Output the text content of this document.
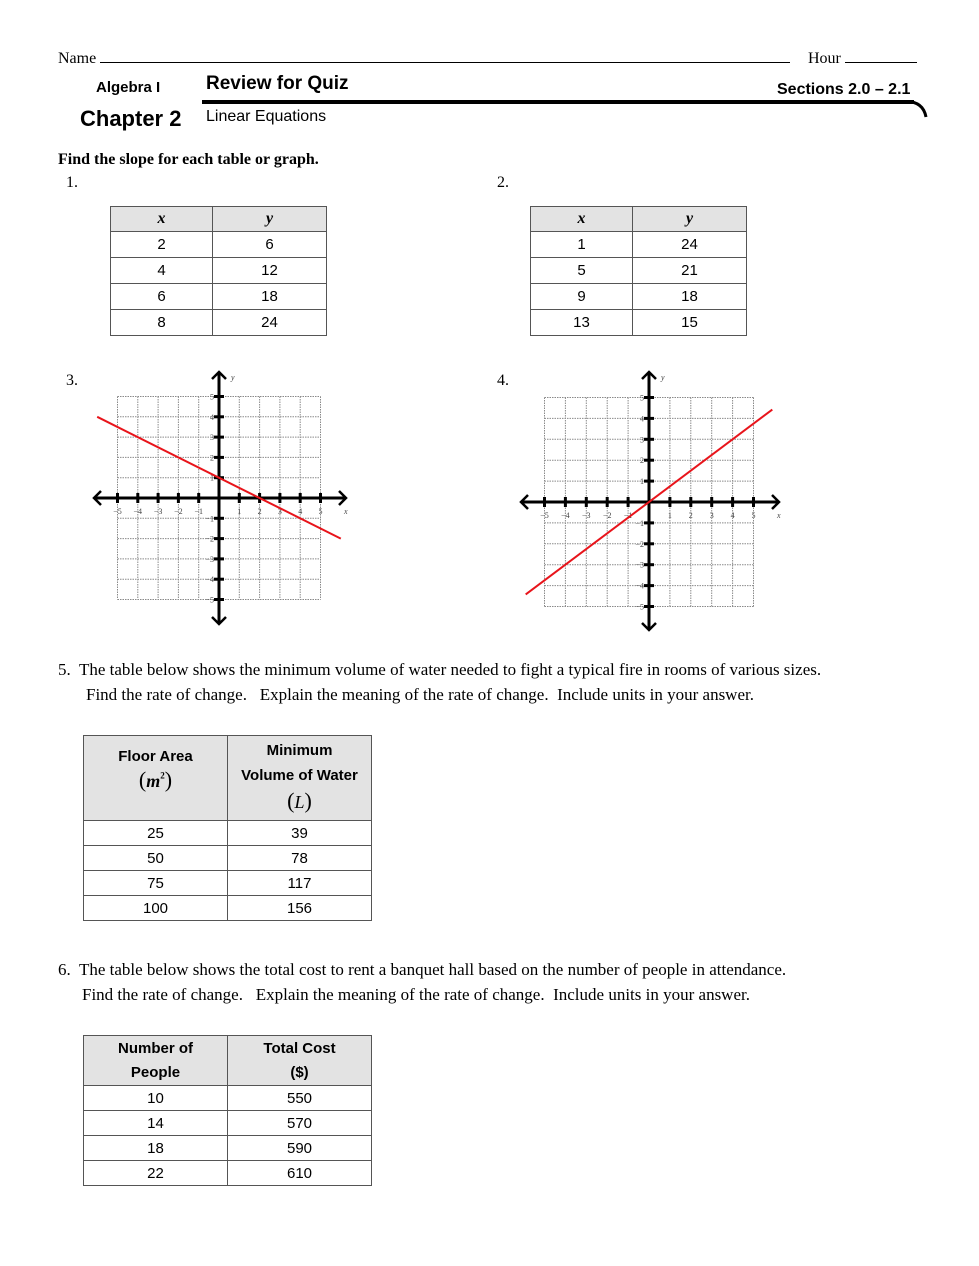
Name	Hour
Algebra I
Chapter 2
Review for Quiz
Linear Equations
Sections 2.0 – 2.1
Find the slope for each table or graph.
1.
x	y
2	6
4	12
6	18
8	24
2.
x	y
1	24
5	21
9	18
13	15
3.
−5 −4 −3 −2 −1	1 2 3 4 5
−5
−4
−3
−2
−1
1
2
3
4
5
x
y	4.
−5 −4 −3 −2 −1	1 2 3 4 5
−5
−4
−3
−2
−1
1
2
3
4
5
x
y
5. The table below shows the minimum volume of water needed to fight a typical fire in rooms of various sizes.
Find the rate of change.   Explain the meaning of the rate of change.  Include units in your answer.
Floor Area
$(m^2)$

Minimum
Volume of Water
(L)

25	39
50	78
75	117
100	156
6. The table below shows the total cost to rent a banquet hall based on the number of people in attendance.
Find the rate of change.   Explain the meaning of the rate of change.  Include units in your answer.
Number of
People

Total Cost
($)

10	550
14	570
18	590
22	610
